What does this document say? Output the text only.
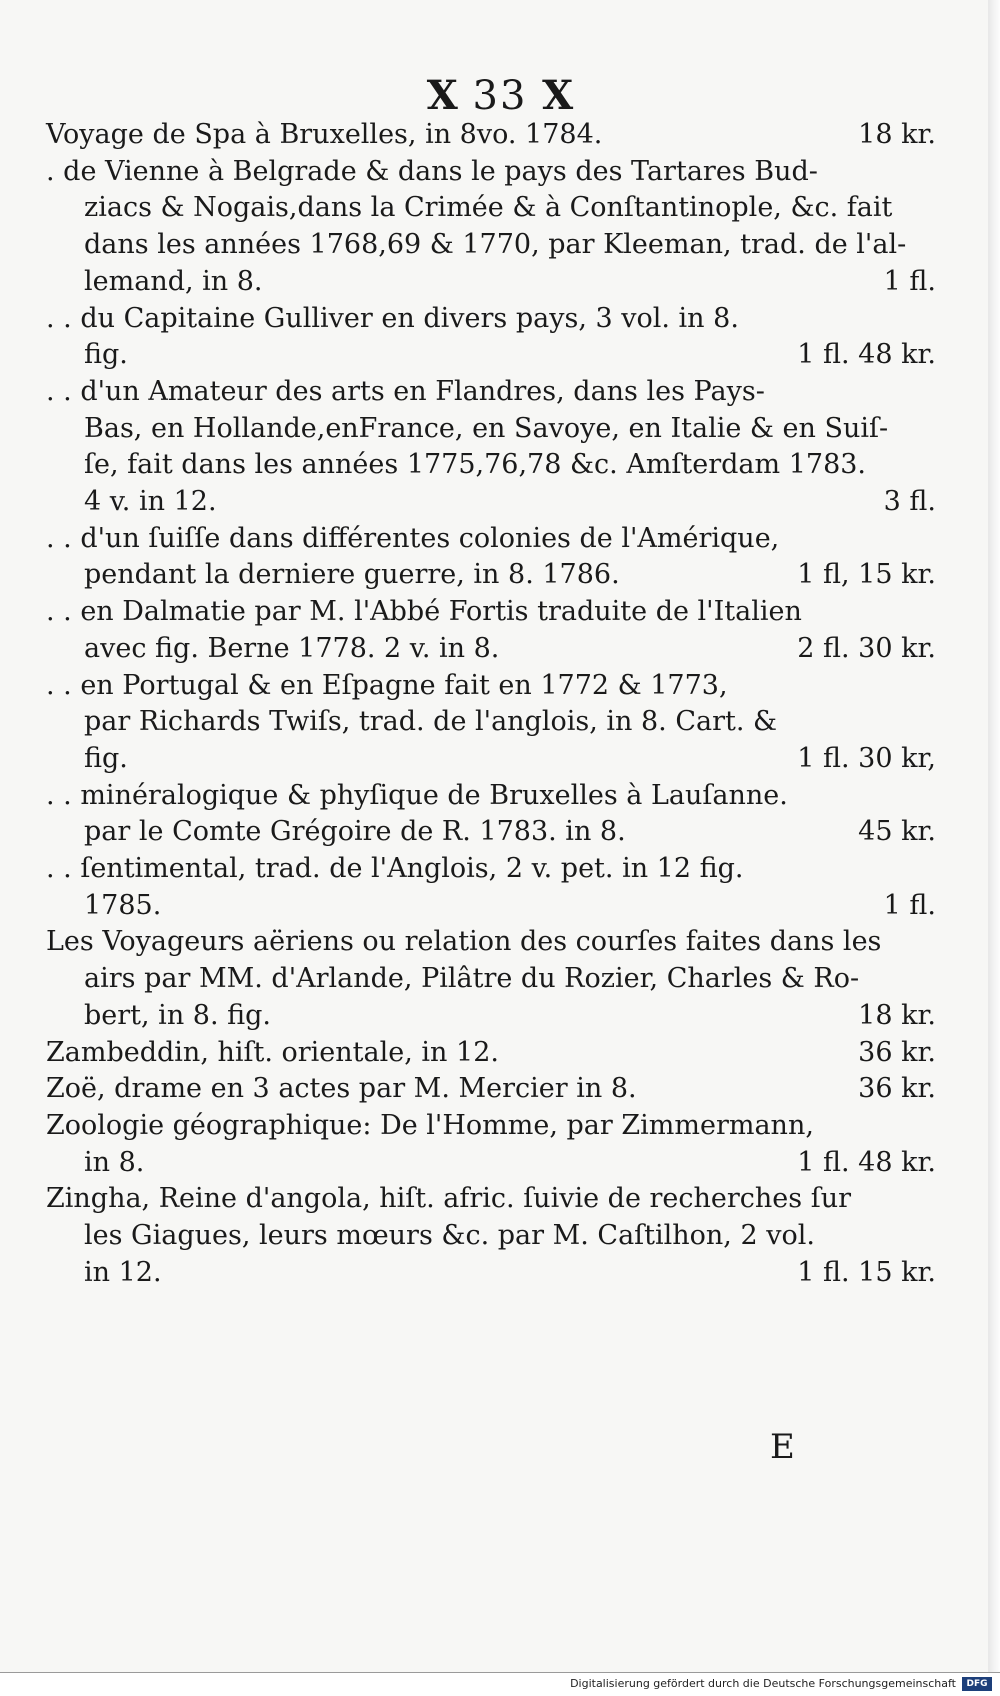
X 33 X
Voyage de Spa à Bruxelles, in 8vo. 1784.	18 kr.
. de Vienne à Belgrade & dans le pays des Tartares Bud-
ziacs & Nogais,dans la Crimée & à Conſtantinople, &c. fait
dans les années 1768,69 & 1770, par Kleeman, trad. de l'al-
lemand, in 8.	1 fl.
. . du Capitaine Gulliver en divers pays, 3 vol. in 8.
fig.	1 fl. 48 kr.
. . d'un Amateur des arts en Flandres, dans les Pays-
Bas, en Hollande,enFrance, en Savoye, en Italie & en Suiſ-
ſe, fait dans les années 1775,76,78 &c. Amſterdam 1783.
4 v. in 12.	3 fl.
. . d'un ſuiſſe dans différentes colonies de l'Amérique,
pendant la derniere guerre, in 8. 1786.	1 fl, 15 kr.
. . en Dalmatie par M. l'Abbé Fortis traduite de l'Italien
avec fig. Berne 1778. 2 v. in 8.	2 fl. 30 kr.
. . en Portugal & en Eſpagne fait en 1772 & 1773,
par Richards Twiſs, trad. de l'anglois, in 8. Cart. &
fig.	1 fl. 30 kr,
. . minéralogique & phyſique de Bruxelles à Lauſanne.
par le Comte Grégoire de R. 1783. in 8.	45 kr.
. . ſentimental, trad. de l'Anglois, 2 v. pet. in 12 fig.
1785.	1 fl.
Les Voyageurs aëriens ou relation des courſes faites dans les
airs par MM. d'Arlande, Pilâtre du Rozier, Charles & Ro-
bert, in 8. fig.	18 kr.
Zambeddin, hiſt. orientale, in 12.	36 kr.
Zoë, drame en 3 actes par M. Mercier in 8.	36 kr.
Zoologie géographique: De l'Homme, par Zimmermann,
in 8.	1 fl. 48 kr.
Zingha, Reine d'angola, hiſt. afric. ſuivie de recherches ſur
les Giagues, leurs mœurs &c. par M. Caſtilhon, 2 vol.
in 12.	1 fl. 15 kr.
E
Digitalisierung gefördert durch die Deutsche Forschungsgemeinschaft	DFG
